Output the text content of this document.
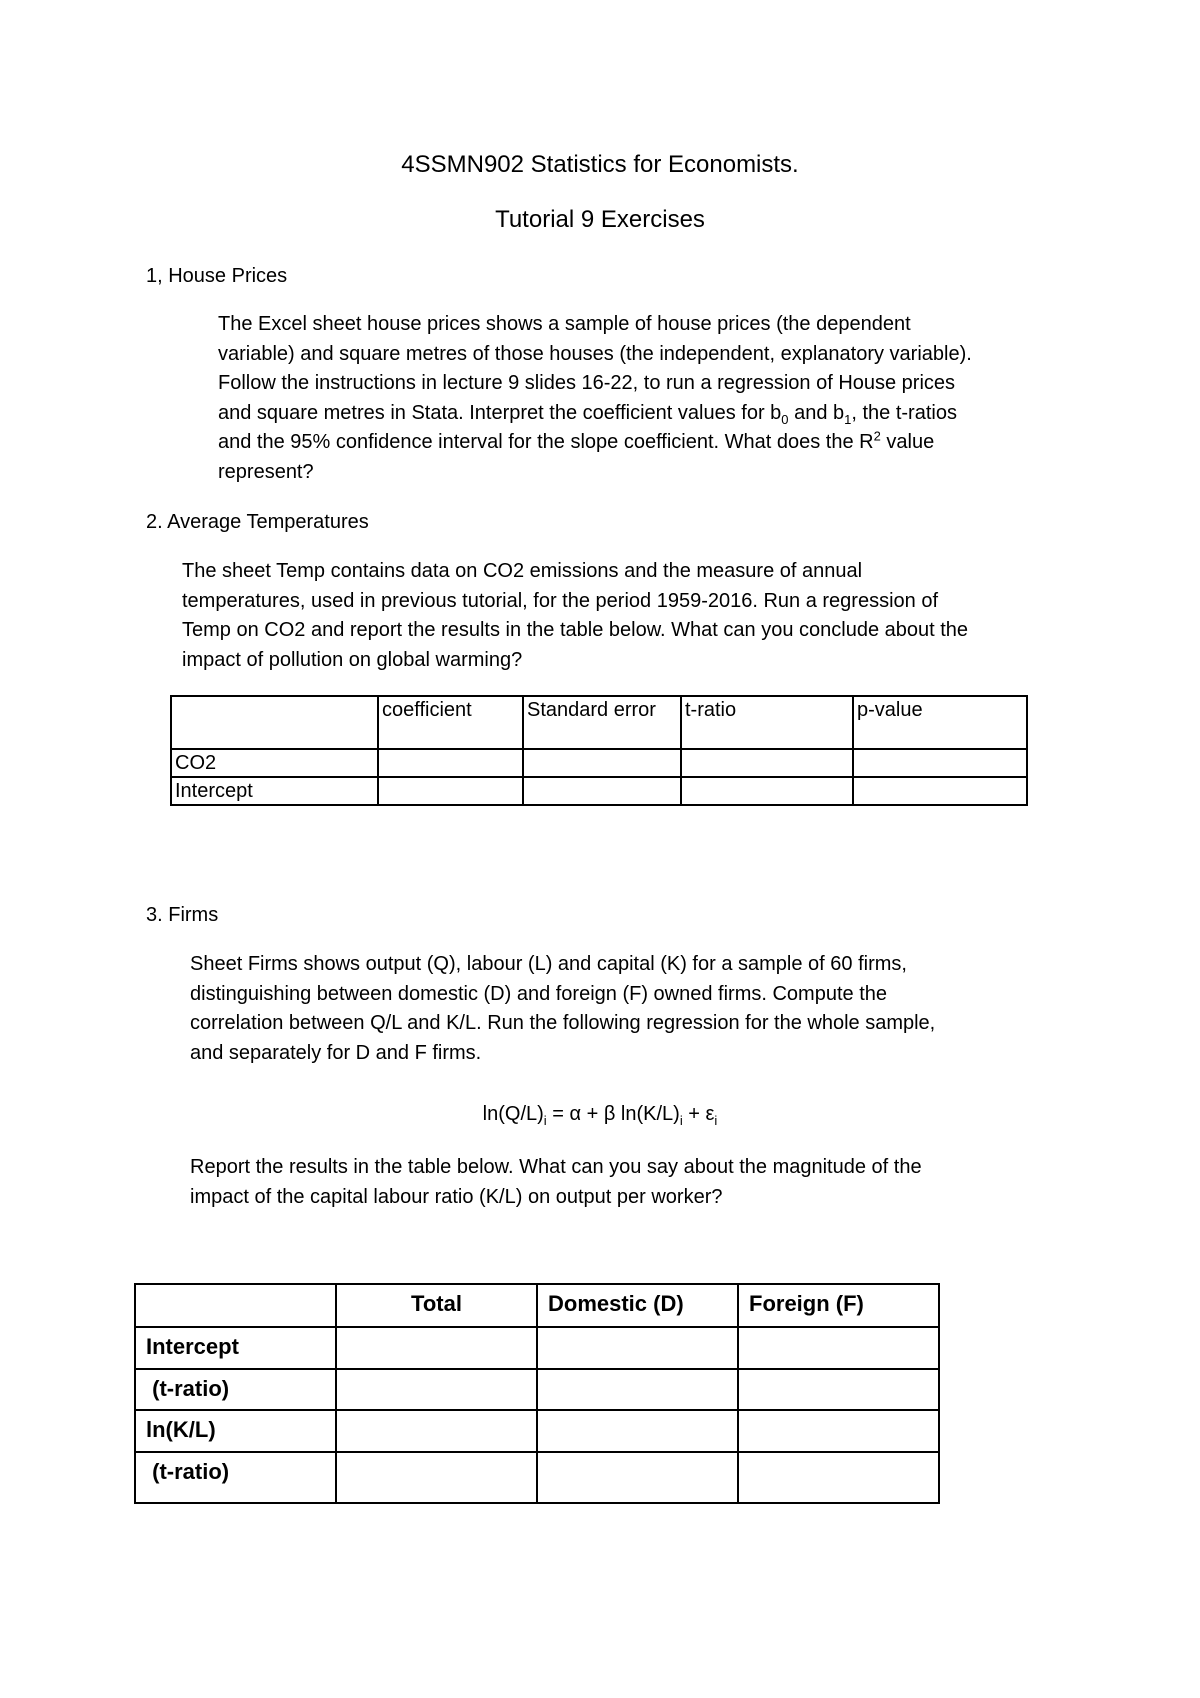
4SSMN902 Statistics for Economists.
Tutorial 9 Exercises
1, House Prices
The Excel sheet house prices shows a sample of house prices (the dependent
variable) and square metres of those houses (the independent, explanatory variable).
Follow the instructions in lecture 9 slides 16-22, to run a regression of House prices
and square metres in Stata. Interpret the coefficient values for $b_0$ and $b_1$, the t-ratios
and the 95% confidence interval for the slope coefficient. What does the $R^2$ value
represent?
2. Average Temperatures
The sheet Temp contains data on CO2 emissions and the measure of annual
temperatures, used in previous tutorial, for the period 1959-2016. Run a regression of
Temp on CO2 and report the results in the table below. What can you conclude about the
impact of pollution on global warming?
	coefficient	Standard error	t-ratio	p-value
CO2				
Intercept				
3. Firms
Sheet Firms shows output (Q), labour (L) and capital (K) for a sample of 60 firms,
distinguishing between domestic (D) and foreign (F) owned firms. Compute the
correlation between Q/L and K/L. Run the following regression for the whole sample,
and separately for D and F firms.
$\ln(Q/L)_i = \alpha + \beta$ $\ln(K/L)_i + \varepsilon_i$
Report the results in the table below. What can you say about the magnitude of the
impact of the capital labour ratio (K/L) on output per worker?
	Total	Domestic (D)	Foreign (F)
Intercept			
(t-ratio)			
ln(K/L)			
(t-ratio)			
